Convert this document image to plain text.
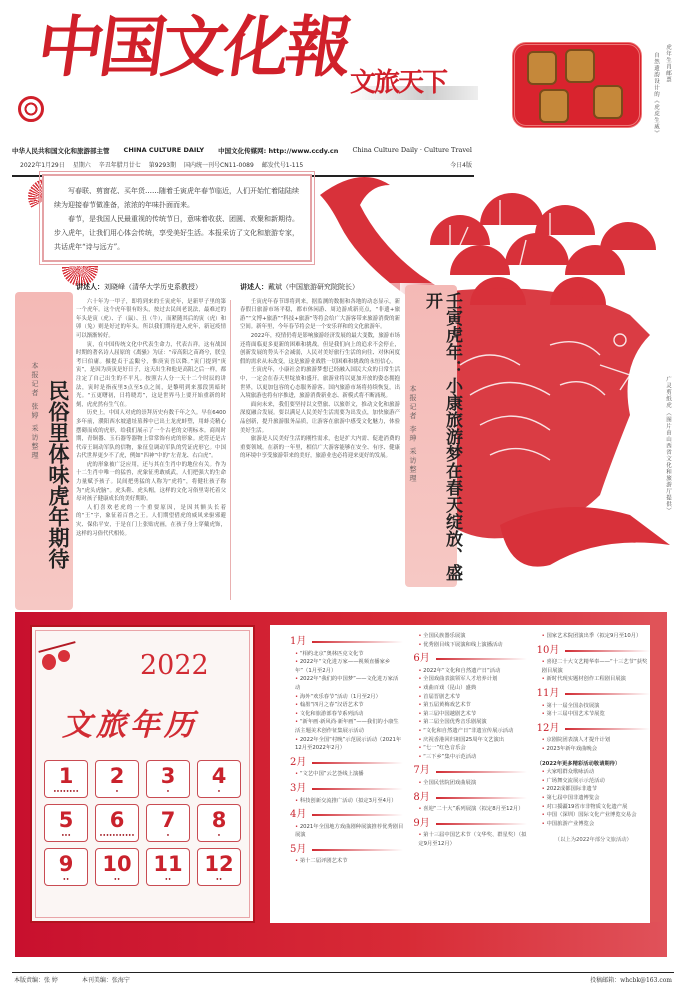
中国文化報
文旅天下	虎年生肖邮票
自然遗韵设计的《虎虎生威》
中华人民共和国文化和旅游部主管 CHINA CULTURE DAILY 中国文化传媒网: http://www.ccdy.cn China Culture Daily · Culture Travel
2022年1月29日 星期六 辛丑年腊月廿七 第9293期 国内统一刊号CN11-0089 邮发代号1-115	今日4版

写春联、剪窗花、买年货……随着壬寅虎年春节临近，人们开始忙着陆陆续续为迎接春节做准备，浓浓的年味扑面而来。

春节，是我国人民最重视的传统节日，意味着收获、团圆、欢聚和新期待。步入虎年，让我们用心体会传统，享受美好生活。本报采访了文化和旅游专家，共话虎年“诗与远方”。

民俗里体味虎年期待
本报记者 张婷 采访整理

讲述人：刘晓峰（清华大学历史系教授）

六十年为一甲子，即将到来的壬寅虎年，是新甲子里的第一个虎年。这个虎年很有盼头，按过去民间老说法，最难过的年头是寅（虎）、子（鼠）、丑（牛），而紧随其后的寅（虎）和卯（兔）则是好过的年头。所以我们期待进入虎年，新冠疫情可以渐渐转好。

寅，在中国传统文化中代表生命力，代表吉祥。这有战国时期的著名诗人屈原的《离骚》为证：“帝高阳之苗裔兮，朕皇考曰伯庸。摄提贞于孟陬兮，惟庚寅吾以降。”寅门提到“庚寅”，是因为庚寅是好日子，这天出生和他是高阳之后一样，都注定了自己出生的不平凡。按照古人分一天十二个时辰的讲法，寅时是指夜里3点至5点之间，是黎明到来那段黑暗时光。“五更曙初，日将晓焉”，这是世界马上要开始重新的时刻，虎虎然有生气在。

历史上，中国人对虎的崇拜历史有数千年之久。早在6400多年前，濮阳西水坡遗址墓葬中已出土龙虎蚌塑，用蚌壳精心摆砌而成的虎形，给我们展示了一个古老的文明标本。商周时期，青铜器、玉石器等器物上常常饰有虎的形象。虎符还是古代帝王调动军队的信物，象征皇调动军队的凭证虎形它。中国古代世界更少不了虎，例如“四神”中的“左青龙、右白虎”。

虎的形象被广泛应用，还与其在生肖中的地位有关。作为十二生肖中唯一的猛兽，虎象征勇敢威武，人们把强大的生命力量赋予孩子。民间把勇猛的人称为“虎将”，将健壮孩子称为“虎头虎脑”。虎头鞋、虎头帽，这样的文化习俗里寄托着父母对孩子健康成长的美好期盼。

人们喜欢老虎的一个重要原因，是因其额头长着的“王”字，象征着百兽之王。人们期望借虎的威风来驱邪避灾、保佑平安，于是在门上张贴虎画，在孩子身上穿戴虎饰，这样的习俗代代相传。

讲述人：戴斌（中国旅游研究院院长）

壬寅虎年春节即将到来，据监测的数据和各地的动态显示，新春假日旅游市场平稳，都市休闲游、周边游成新亮点，“非遗+旅游”“文博+旅游”“科技+旅游”等将会给广大游客带来旅游消费的新空间。新年里，今年春节将会是一个安乐祥和的文化旅游年。

2022年，疫情仍将是影响旅游经济发展的最大变数，旅游市场还将面临更多更新的困难和挑战。但是我们向上的追求不会停止，创新发展的势头不会减弱，人民对美好旅行生活的向往、对休闲度假的需求从未改变，这是旅游业战胜一切困难和挑战的永恒信心。

壬寅虎年，小康社会的旅游梦想已经融入国民大众的日常生活中，一定会在春天里绽放和盛开。旅游业将以更加开放的姿态拥抱世界，以更加包容的心态服务游客。国内旅游市场将持续恢复，出入境旅游也将有序推进，旅游消费新业态、新模式将不断涌现。

面向未来，我们要坚持以文塑旅、以旅彰文，推动文化和旅游深度融合发展。要以满足人民美好生活需要为出发点，加快旅游产品创新，提升旅游服务品质，让游客在旅游中感受文化魅力，体验美好生活。

旅游是人民美好生活的刚性需求，也是扩大内需、促进消费的重要领域。在新的一年里，相信广大游客能够在安全、有序、健康的环境中享受旅游带来的美好，旅游业也必将迎来更好的发展。	壬寅虎年：小康旅游梦在春天绽放、盛开
本报记者 李珅 采访整理	广灵剪纸虎
（图片由山西省文化和旅游厅提供）
2022
文旅年历
1
••••••••
2
•
3
•
4
•
5
•••
6
•••••••••••
7
•
8
•
9
••
10
••
11
••
12
••
1月
• “相约北京”奥林匹克文化节
• 2022年“文化进万家——视频直播家乡年”（1月至2月）
• 2022年“我们的中国梦”——文化进万家活动
• 海外“欢乐春节”活动（1月至2月）
• 翰墨“四月之春”汉语艺术节
• 文化和旅游部春节系列活动
• “新年画·新风尚·新年画”——我们的小康生活主题美术创作征集展示活动
• 2022年全国“村晚”示范展示活动（2021年12月至2022年2月）
2月
• “文艺中国”云艺荟线上演播
3月
• 科技创新交流推广活动（拟定3月至4月）
4月
• 2021年全国地方戏曲剧种展演推荐优秀剧目展演
5月
• 第十二届评剧艺术节
• 全国民族器乐展演
• 优秀剧目线下展演和线上演播活动
6月
• 2022年“文化和自然遗产日”活动
• 全国戏曲表演领军人才培养计划
• 戏曲百戏（昆山）盛典
• 首届晋剧艺术节
• 第五届黄梅戏艺术节
• 第三届中国越剧艺术节
• 第二届全国优秀音乐剧展演
• “文化和自然遗产日”非遗宣传展示活动
• 庆祝香港回归祖国25周年文艺演出
• “七一”红色音乐会
• “三下乡”集中示范活动
7月
• 全国民营院团戏曲展演
8月
• 喜迎“二十大”系列展演（拟定8月至12月）
9月
• 第十三届中国艺术节（文华奖、群星奖）（拟定9月至12月）
• 国家艺术院团演出季（拟定9月至10月）
10月
• 喜迎二十大文艺精华奉——“十三艺节”获奖剧目展演
• 新时代现实题材创作工程剧目展演
11月
• 第十一届全国杂技展演
• 第十三届中国艺术节展览
12月
• 京剧院团表演人才提升计划
• 2023年新年戏曲晚会
（2022年更多精彩活动敬请期待）
• 大家唱群众歌咏活动
• 广场舞交流展示示范活动
• 2022成都国际非遗节
• 第七届中国非遗博览会
• 对口援疆19省市非物质文化遗产展
• 中国（深圳）国际文化产业博览交易会
• 中国旅游产业博览会
（以上为2022年部分文旅活动）
本版责编：张 婷	本刊美编：张海宁	投稿邮箱：whcbk@163.com
